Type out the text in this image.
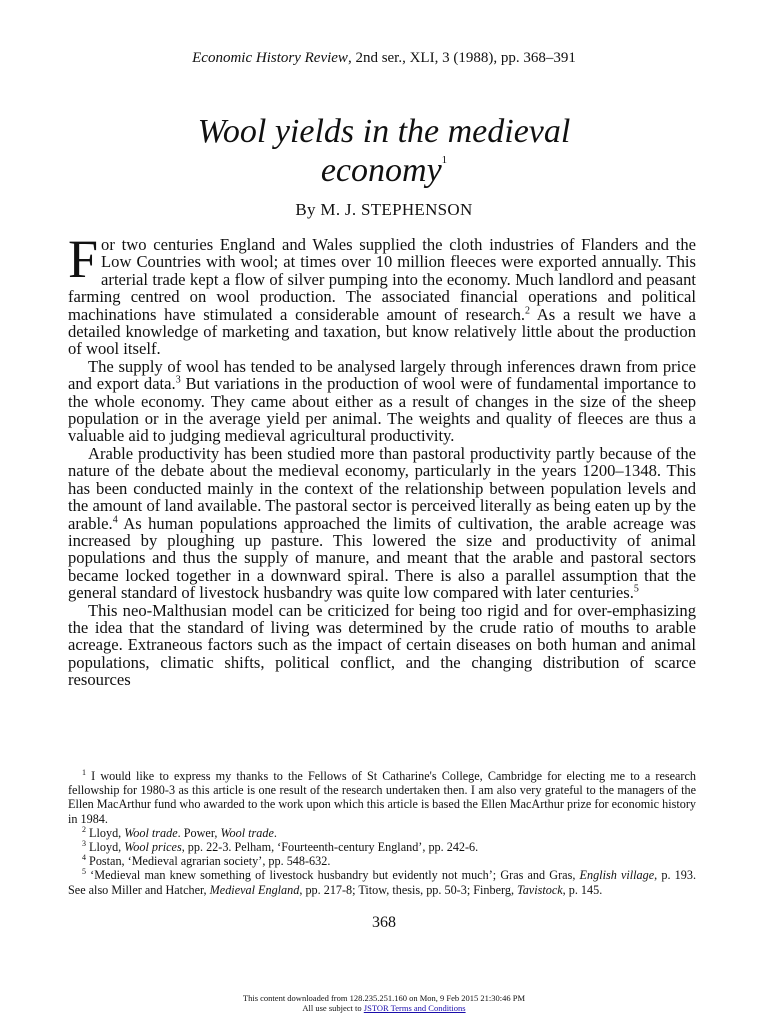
Economic History Review, 2nd ser., XLI, 3 (1988), pp. 368–391
Wool yields in the medieval
economy$^1$
By M. J. STEPHENSON

For two centuries England and Wales supplied the cloth industries of Flanders and the Low Countries with wool; at times over 10 million fleeces were exported annually. This arterial trade kept a flow of silver pumping into the economy. Much landlord and peasant farming centred on wool production. The associated financial operations and political machinations have stimulated a considerable amount of research.$^2$ As a result we have a detailed knowledge of marketing and taxation, but know relatively little about the production of wool itself.

The supply of wool has tended to be analysed largely through inferences drawn from price and export data.$^3$ But variations in the production of wool were of fundamental importance to the whole economy. They came about either as a result of changes in the size of the sheep population or in the average yield per animal. The weights and quality of fleeces are thus a valuable aid to judging medieval agricultural productivity.

Arable productivity has been studied more than pastoral productivity partly because of the nature of the debate about the medieval economy, particularly in the years 1200–1348. This has been conducted mainly in the context of the relationship between population levels and the amount of land available. The pastoral sector is perceived literally as being eaten up by the arable.$^4$ As human populations approached the limits of cultivation, the arable acreage was increased by ploughing up pasture. This lowered the size and productivity of animal populations and thus the supply of manure, and meant that the arable and pastoral sectors became locked together in a downward spiral. There is also a parallel assumption that the general standard of livestock husbandry was quite low compared with later centuries.$^5$

This neo-Malthusian model can be criticized for being too rigid and for over-emphasizing the idea that the standard of living was determined by the crude ratio of mouths to arable acreage. Extraneous factors such as the impact of certain diseases on both human and animal populations, climatic shifts, political conflict, and the changing distribution of scarce resources

$^1$ I would like to express my thanks to the Fellows of St Catharine's College, Cambridge for electing me to a research fellowship for 1980-3 as this article is one result of the research undertaken then. I am also very grateful to the managers of the Ellen MacArthur fund who awarded to the work upon which this article is based the Ellen MacArthur prize for economic history in 1984.

$^2$ Lloyd, Wool trade. Power, Wool trade.

$^3$ Lloyd, Wool prices, pp. 22-3. Pelham, ‘Fourteenth-century England’, pp. 242-6.

$^4$ Postan, ‘Medieval agrarian society’, pp. 548-632.

$^5$ ‘Medieval man knew something of livestock husbandry but evidently not much’; Gras and Gras, English village, p. 193. See also Miller and Hatcher, Medieval England, pp. 217-8; Titow, thesis, pp. 50-3; Finberg, Tavistock, p. 145.

368
This content downloaded from 128.235.251.160 on Mon, 9 Feb 2015 21:30:46 PM
All use subject to JSTOR Terms and Conditions
